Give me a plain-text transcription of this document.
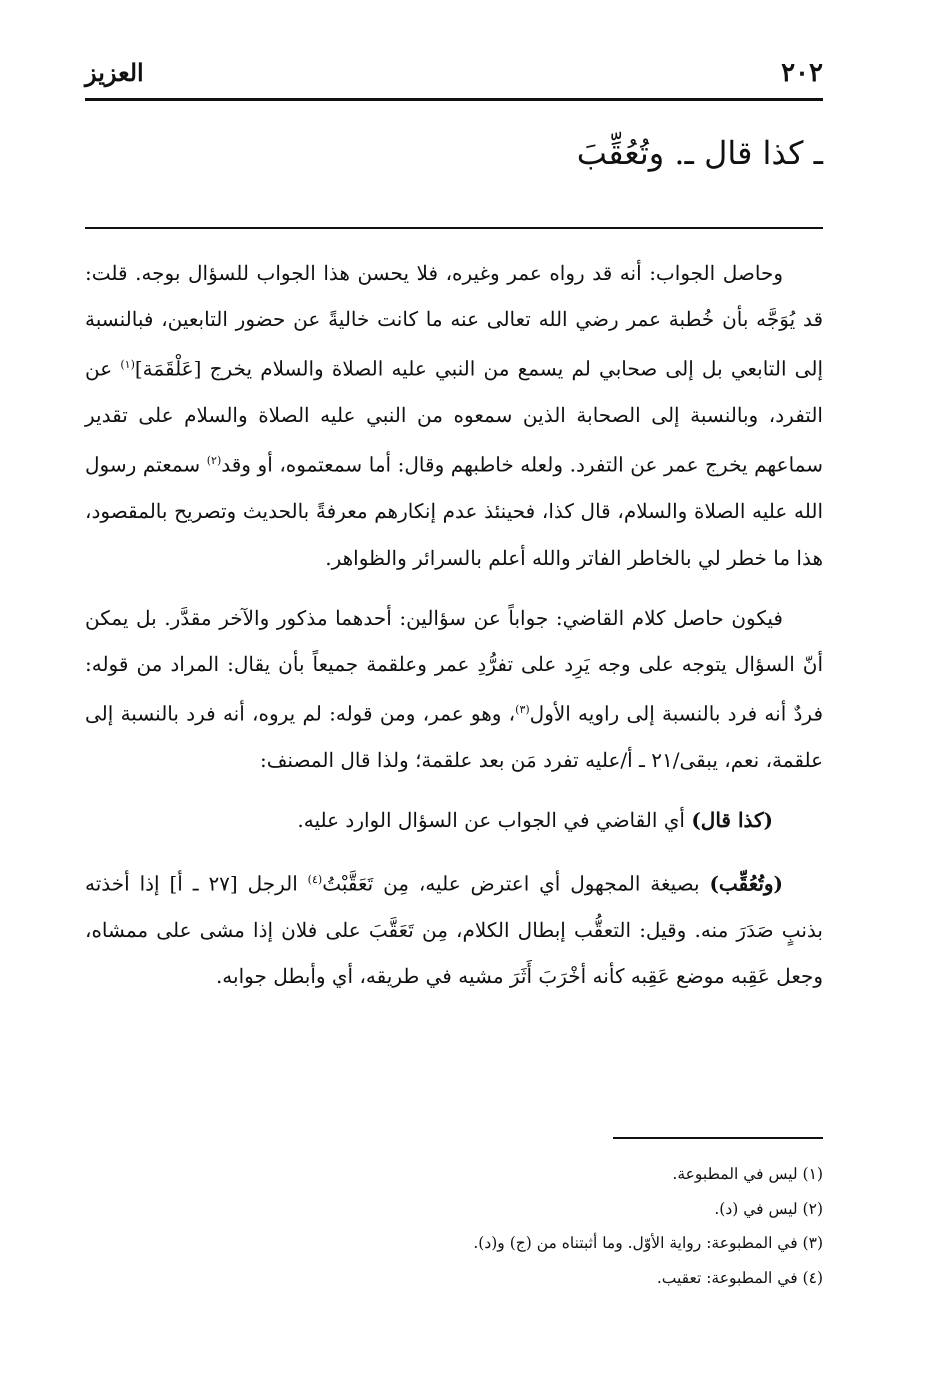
٢٠٢
العزيز
ـ كذا قال ـ. وتُعُقِّبَ

وحاصل الجواب: أنه قد رواه عمر وغيره، فلا يحسن هذا الجواب للسؤال بوجه. قلت: قد يُوَجَّه بأن خُطبة عمر رضي الله تعالى عنه ما كانت خاليةً عن حضور التابعين، فبالنسبة إلى التابعي بل إلى صحابي لم يسمع من النبي عليه الصلاة والسلام يخرج [عَلْقَمَة]$^{(١)}$ عن التفرد، وبالنسبة إلى الصحابة الذين سمعوه من النبي عليه الصلاة والسلام على تقدير سماعهم يخرج عمر عن التفرد. ولعله خاطبهم وقال: أما سمعتموه، أو وقد$^{(٢)}$ سمعتم رسول الله عليه الصلاة والسلام، قال كذا، فحينئذ عدم إنكارهم معرفةً بالحديث وتصريح بالمقصود، هذا ما خطر لي بالخاطر الفاتر والله أعلم بالسرائر والظواهر.

فيكون حاصل كلام القاضي: جواباً عن سؤالين: أحدهما مذكور والآخر مقدَّر. بل يمكن أنّ السؤال يتوجه على وجه يَرِد على تفرُّدِ عمر وعلقمة جميعاً بأن يقال: المراد من قوله: فردٌ أنه فرد بالنسبة إلى راويه الأول$^{(٣)}$، وهو عمر، ومن قوله: لم يروه، أنه فرد بالنسبة إلى علقمة، نعم، يبقى/٢١ ـ أ/عليه تفرد مَن بعد علقمة؛ ولذا قال المصنف:

(كذا قال) أي القاضي في الجواب عن السؤال الوارد عليه.

(وتُعُقِّب) بصيغة المجهول أي اعترض عليه، مِن تَعَقَّبْتُ$^{(٤)}$ الرجل [٢٧ ـ أ] إذا أخذته بذنبٍ صَدَرَ منه. وقيل: التعقُّب إبطال الكلام، مِن تَعَقَّبَ على فلان إذا مشى على ممشاه، وجعل عَقِبه موضع عَقِبه كأنه أخْرَبَ أَثَرَ مشيه في طريقه، أي وأبطل جوابه.

(١) ليس في المطبوعة.
(٢) ليس في (د).
(٣) في المطبوعة: رواية الأوّل. وما أثبتناه من (ج) و(د).
(٤) في المطبوعة: تعقيب.
